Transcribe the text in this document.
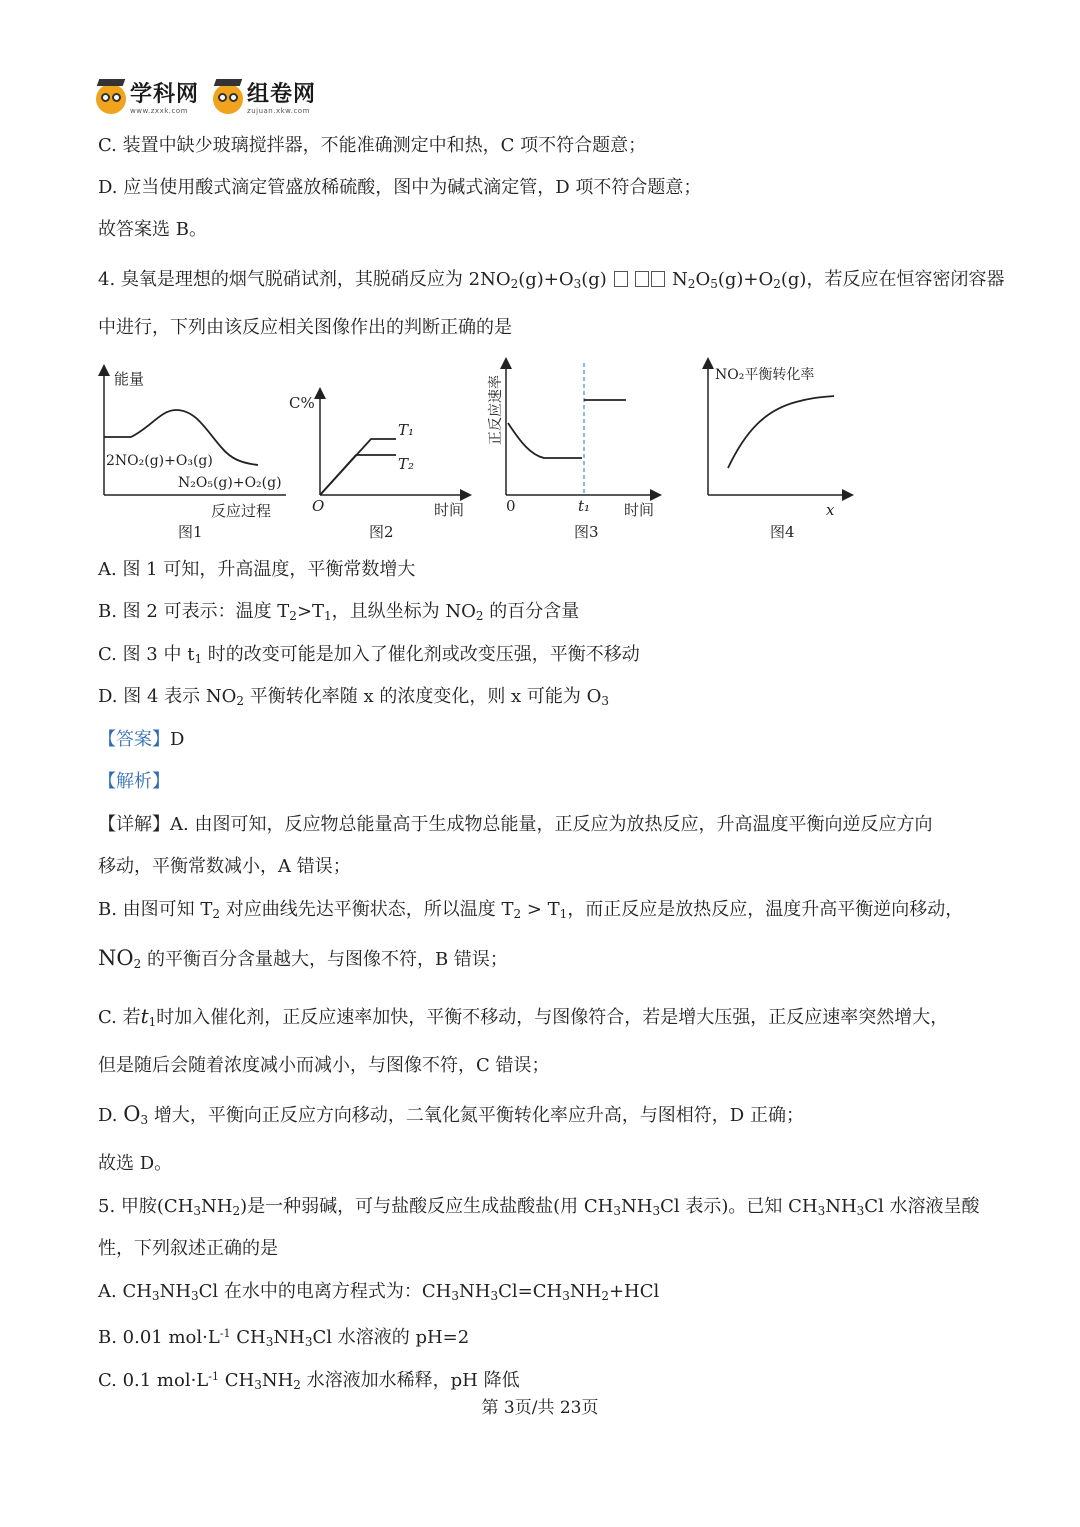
学科网
www.zxxk.com
组卷网
zujuan.xkw.com
C. 装置中缺少玻璃搅拌器，不能准确测定中和热，C 项不符合题意；
D. 应当使用酸式滴定管盛放稀硫酸，图中为碱式滴定管，D 项不符合题意；
故答案选 B。
4. 臭氧是理想的烟气脱硝试剂，其脱硝反应为 $2NO_2(g)+O_3(g)$	$N_2O_5(g)+O_2(g)$，若反应在恒容密闭容器
中进行，下列由该反应相关图像作出的判断正确的是
能量
2NO₂(g)+O₃(g)
N₂O₅(g)+O₂(g)
反应过程
图1
C%
T₁
T₂
O	时间
图2
正反应速率
0	t₁ 时间
图3
NO₂平衡转化率
x
图4
A. 图 1 可知，升高温度，平衡常数增大
B. 图 2 可表示：温度 $T_2>T_1$，且纵坐标为 $NO_2$ 的百分含量
C. 图 3 中 $t_1$ 时的改变可能是加入了催化剂或改变压强，平衡不移动
D. 图 4 表示 $NO_2$ 平衡转化率随 x 的浓度变化，则 x 可能为 $O_3$
【答案】D
【解析】
【详解】A. 由图可知，反应物总能量高于生成物总能量，正反应为放热反应，升高温度平衡向逆反应方向
移动，平衡常数减小，A 错误；
B. 由图可知 $T_2$ 对应曲线先达平衡状态，所以温度 $T_2 > T_1$，而正反应是放热反应，温度升高平衡逆向移动，
$NO_2$ 的平衡百分含量越大，与图像不符，B 错误；
C. 若$t_1$时加入催化剂，正反应速率加快，平衡不移动，与图像符合，若是增大压强，正反应速率突然增大，
但是随后会随着浓度减小而减小，与图像不符，C 错误；
D. $O_3$ 增大，平衡向正反应方向移动，二氧化氮平衡转化率应升高，与图相符，D 正确；
故选 D。
5. 甲胺$(CH_3NH_2)$是一种弱碱，可与盐酸反应生成盐酸盐(用 $CH_3NH_3Cl$ 表示)。已知 $CH_3NH_3Cl$ 水溶液呈酸
性，下列叙述正确的是
A. $CH_3NH_3Cl$ 在水中的电离方程式为：$CH_3NH_3Cl=CH_3NH_2+HCl$
B. 0.01 $mol\cdot L^{-1}$ $CH_3NH_3Cl$ 水溶液的 pH=2
C. 0.1 $mol\cdot L^{-1}$ $CH_3NH_2$ 水溶液加水稀释，pH 降低
第 3页/共 23页
